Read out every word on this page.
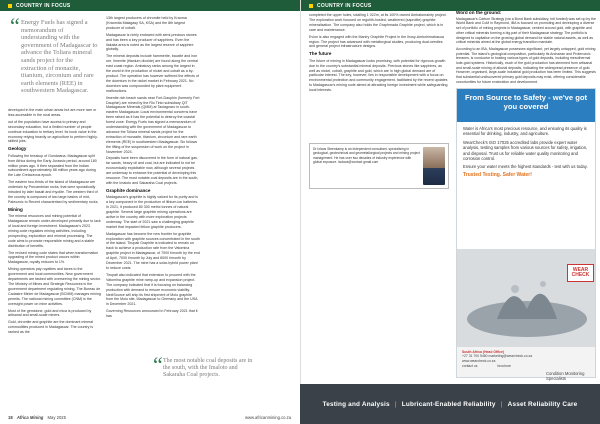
COUNTRY IN FOCUS
“ Energy Fuels has signed a memorandum of understanding with the government of Madagascar to advance the Toliara mineral sands project for the extraction of monazite, titanium, zirconium and rare earth elements (REE) in southwestern Madagascar.

developed in the main urban areas but are more rare or less accessible in the rural areas.

out of the population have access to primary and secondary education, but a limited number of people continue education to tertiary level. Its book value in the economy relying heavily on agriculture to perform highly-skilled jobs.

Geology

Following the breakup of Gondwana, Madagascar split from Africa during the Early Jurassic period, around 180 million years ago. It then separated from the Indian subcontinent approximately 88 million years ago during the Late Cretaceous epoch.

The eastern two-thirds of the island of Madagascar are underlain by Precambrian rocks, that were sporadically intruded by later basalt and rhyolite. The western third of the country is composed of two large basins of mid-Paleozoic to Recent characterised by sedimentary rocks.

Mining

The mineral resources and mining potential of Madagascar remain under-developed primarily due to lack of local and foreign investment. Madagascar's 2023 mining code regulates mining activities, including prospecting, exploration and mineral processing. The code aims to promote responsible mining and a stable distribution of benefits.

The revised mining code states that when transformation upgrading of the mined product occurs within Madagascar, royalty reduces to 1%.

Mining operators pay royalties and taxes to the government and local communities. New government departments are tasked with overseeing the mining sector. The Ministry of Mines and Strategic Resources is the government department regulating mining. The Bureau de Cadastre Minier de Madagascar (BCMM) manages mining permits. The national mining committee (CNM) is the oversight power on mine activities.

Most of the gemstone, gold and mica is produced by artisanal and small-scale miners.

Gold, chromite and graphite are the dominant mineral commodities produced in Madagascar. The country is ranked as the

13th largest producers of chromite held by Kraoma (Kraomita Malagasy SA, KSA) and the 8th largest producer of cobalt.

Madagascar is richly endowed with semi-precious stones and has been a key producer of sapphires. Even the Ilakaka area is noted as the largest reserve of sapphire globally.

The mineral deposits include hammerite, bauxite and iron ore. Ilmenite (titanium dioxide) are found along the central east coast region. Ambatovy ranks among the largest in the world in the production of nickel and cobalt as a by-product. The operation has however suffered the effects of the downturn in the nickel market in February 2021. No downturn was compounded by plant equipment malfunctions.

Ilmenite rich beach sands near Fort-Dauphin (formerly Fort Dauphin) are mined by the Rio Tinto subsidiary QIT Madagascar Minerals (QMM) at Taolagnaro in south-eastern Madagascar. Local environmental concerns have been raised as it has the potential to destroy the coastal forest zone. Energy Fuels has signed a memorandum of understanding with the government of Madagascar to advance the Toliara mineral sands project for the extraction of monazite, titanium, zirconium and rare earth elements (REE) in southwestern Madagascar. Six follows the lifting of the suspension of work on the project in November 2024.

Deposits have been discovered in the form of natural gas, tar sands, heavy oil and coal, but are indicated to not be economically exploitable now, although several projects are underway to enhance the potential of developing this resource. The most notable coal deposits are in the south, with the Imaloto and Sakaraha Coal projects.

Graphite dominance

Madagascar's graphite is highly valued for its purity and is a key component in the production of lithium-ion batteries. In 2021, it produced 80 300 metric tonnes of natural graphite. Several large graphite mining operations are active in the country with more exploration projects underway. The start of 2021 saw a challenging graphite market that impacted fellow graphite producers.

Madagascar has become the new frontier for graphite exploration with graphite sources concentrated in the south of the island. Tirupati Graphite is indicated to remain on track to achieve a production rate from the Vatomina graphite project in Madagascar, of 7000 t/month by the end of April, 7000 t/month by July and 8000 t/month by December 2021. The mine has a solar-hybrid power plant to reduce costs.

Tirupati also indicated that extension to proceed with the Vatomina graphite mine ramp-up and expansion project. The company indicated that it is focusing on balancing production with demand to ensure economic viability. NextSource will ship its first shipment of Molo graphite from the Molo site, Madagascar to Germany and the USA in December 2021.

Governing Resources announced in February 2021 that it has

“ The most notable coal deposits are in the south, with the Imaloto and Sakaraha Coal projects.
18 Africa Mining May 2025	www.africanmining.co.za
COUNTRY IN FOCUS

completed the upper holes, totalling 1 022m, at its 100% owned Ambatomainty project. The exploration work focused on regolith-hosted, weathered (saprolite) graphite mineralisation. The company also holds the Graphmada Graphite project, which is in care and maintenance.

Evion is also engaged with the Maniry Graphite Project in the Ihosy-Ambohimahasoa region. The project has advanced with metallurgical studies, producing dual-needles and general project infrastructure designs.

The future

The future of mining in Madagascar looks promising, with potential for rigorous growth due to the country's substantial mineral deposits. Precious stones like sapphires, as well as nickel, cobalt, graphite and gold, which are in high global demand are of particular interest. The key, however, lies in responsible development with a focus on environmental protection and community engagement, facilitated by the recent updates to Madagascar's mining code aimed at attracting foreign investment while safeguarding local interests.

Dr Iolaos Steenkamp is an independent consultant, specialising in geological, geotechnical and geometallurgical projects and mining project management. He has over two decades of industry experience with global exposure. isolaos@contact gmail.com
Word on the ground:

Madagascar's Carbon Strategy (via a Bond Bank subsidiary, Intl funded) was set up by the World Bank and CoM in Raymond, IBA is focused on promoting and developing a diverse set of portfolio of mining projects in Madagascar, centred around gold, with graphite and other critical minerals forming a big part of their Madagascar strategy. The portfolio is designed to capitalise on the growing global demand for stable natural assets, as well as critical minerals aimed at the global energy transition mandate.

According to an IBA, Madagascar possesses significant, yet largely untapped, gold mining potential. The island's geological composition, particularly its Archaean and Proterozoic terranes, is conducive to hosting various types of gold deposits, including mesothermal lode-gold systems. Historically, much of the gold production has stemmed from artisanal and small-scale mining of alluvial deposits, indicating the widespread presence of gold. However, organised, large-scale industrial gold production has been limited. This suggests that substantial undiscovered primary gold deposits may exist, offering considerable opportunities for future exploration and development.

From Source to Safety - we've got you covered

Water is Africa's most precious resource, and ensuring its quality is essential for drinking, industry, and agriculture.

WearCheck's ISO 17025 accredited labs provide expert water analysis, testing samples from various sources for safety, irrigation, and disposal. Trust us for reliable water quality monitoring and corrosion control.

Ensure your water meets the highest standards - test with us today.

Trusted Testing. Safer Water!
WEAR
CHECK
South Africa (Head Office)
+27 31 700 5460 marketing@wearcheck.co.za
www.wearcheck.co.za
contact us	brochure
Condition Monitoring Specialists
Testing and Analysis | Lubricant-Enabled Reliability | Asset Reliability Care
